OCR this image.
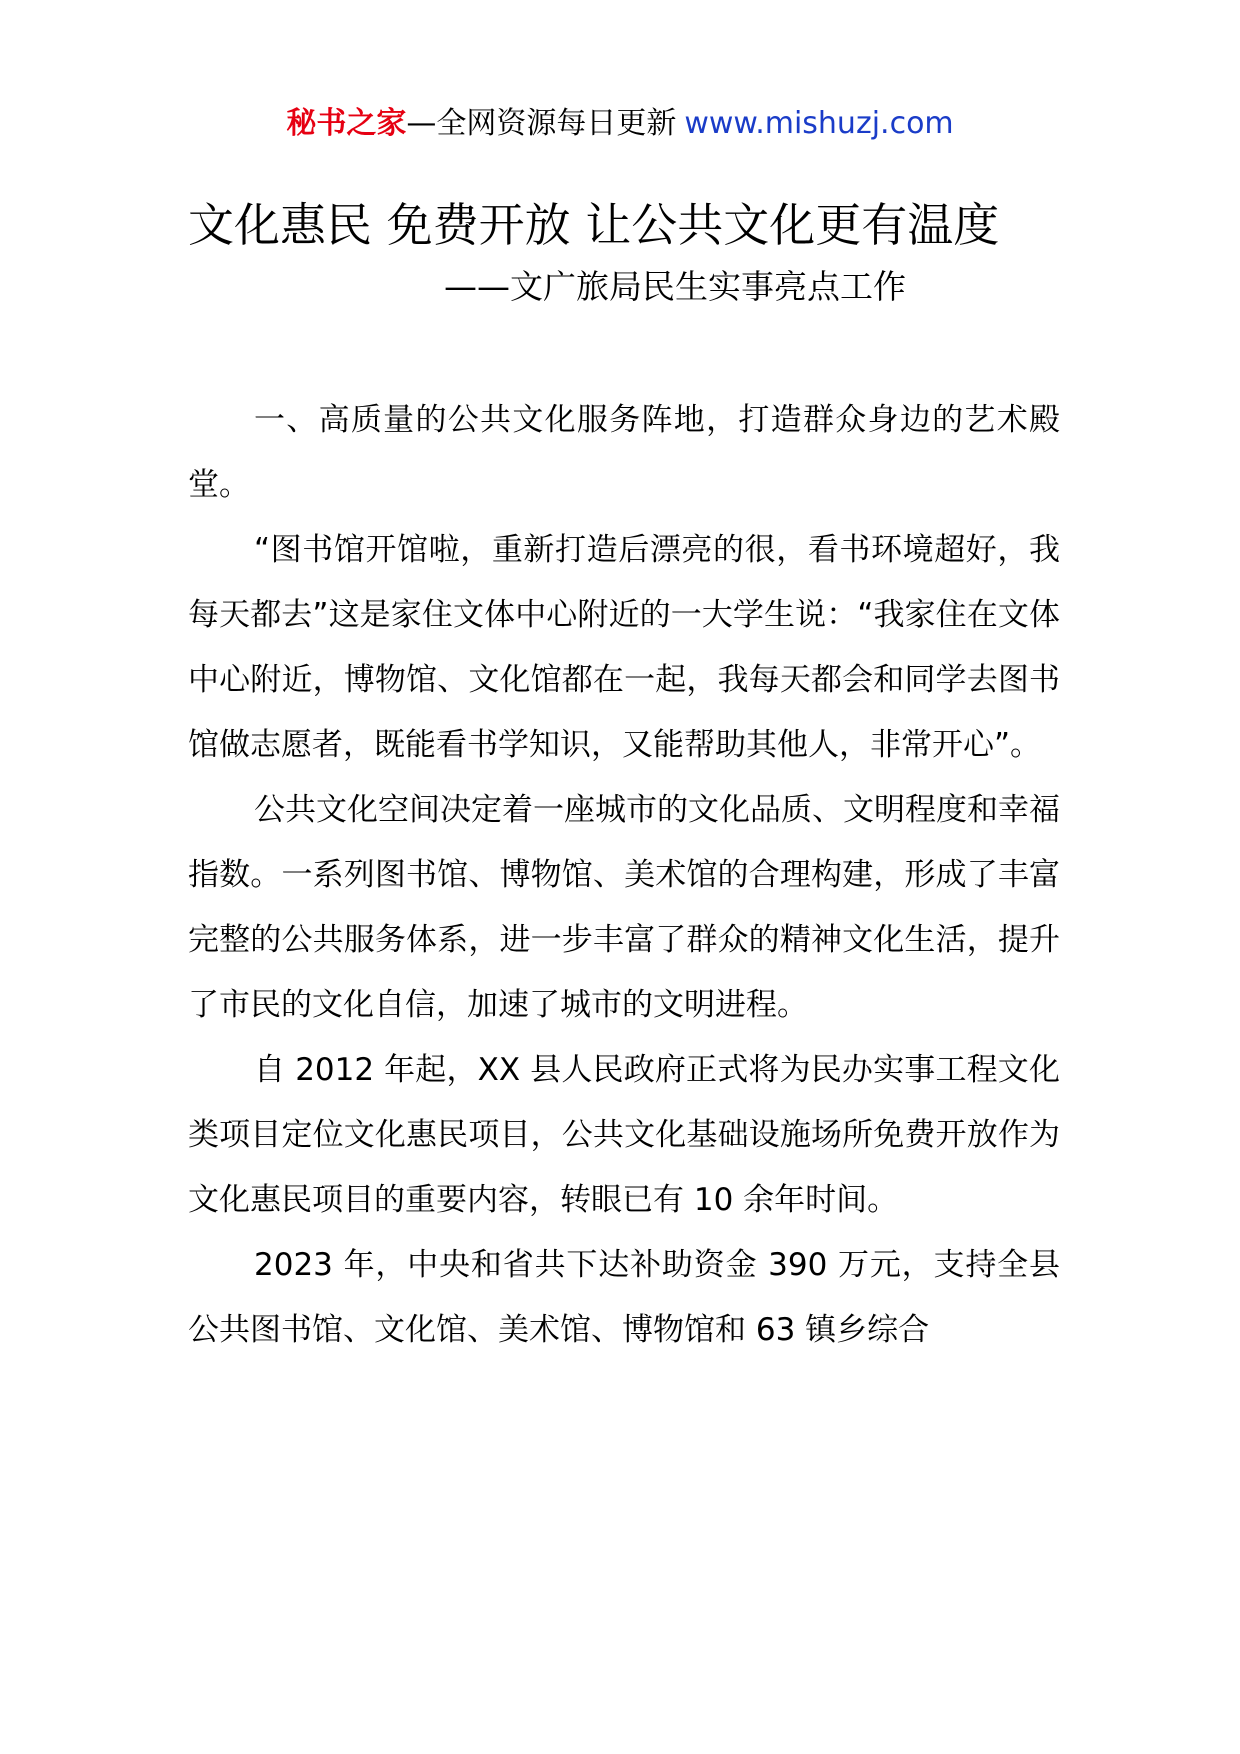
秘书之家—全网资源每日更新 www.mishuzj.com
文化惠民 免费开放 让公共文化更有温度
——文广旅局民生实事亮点工作

一、高质量的公共文化服务阵地，打造群众身边的艺术殿堂。

“图书馆开馆啦，重新打造后漂亮的很，看书环境超好，我每天都去”这是家住文体中心附近的一大学生说：“我家住在文体中心附近，博物馆、文化馆都在一起，我每天都会和同学去图书馆做志愿者，既能看书学知识，又能帮助其他人，非常开心”。

公共文化空间决定着一座城市的文化品质、文明程度和幸福指数。一系列图书馆、博物馆、美术馆的合理构建，形成了丰富完整的公共服务体系，进一步丰富了群众的精神文化生活，提升了市民的文化自信，加速了城市的文明进程。

自 2012 年起，XX 县人民政府正式将为民办实事工程文化类项目定位文化惠民项目，公共文化基础设施场所免费开放作为文化惠民项目的重要内容，转眼已有 10 余年时间。

2023 年，中央和省共下达补助资金 390 万元，支持全县公共图书馆、文化馆、美术馆、博物馆和 63 镇乡综合
